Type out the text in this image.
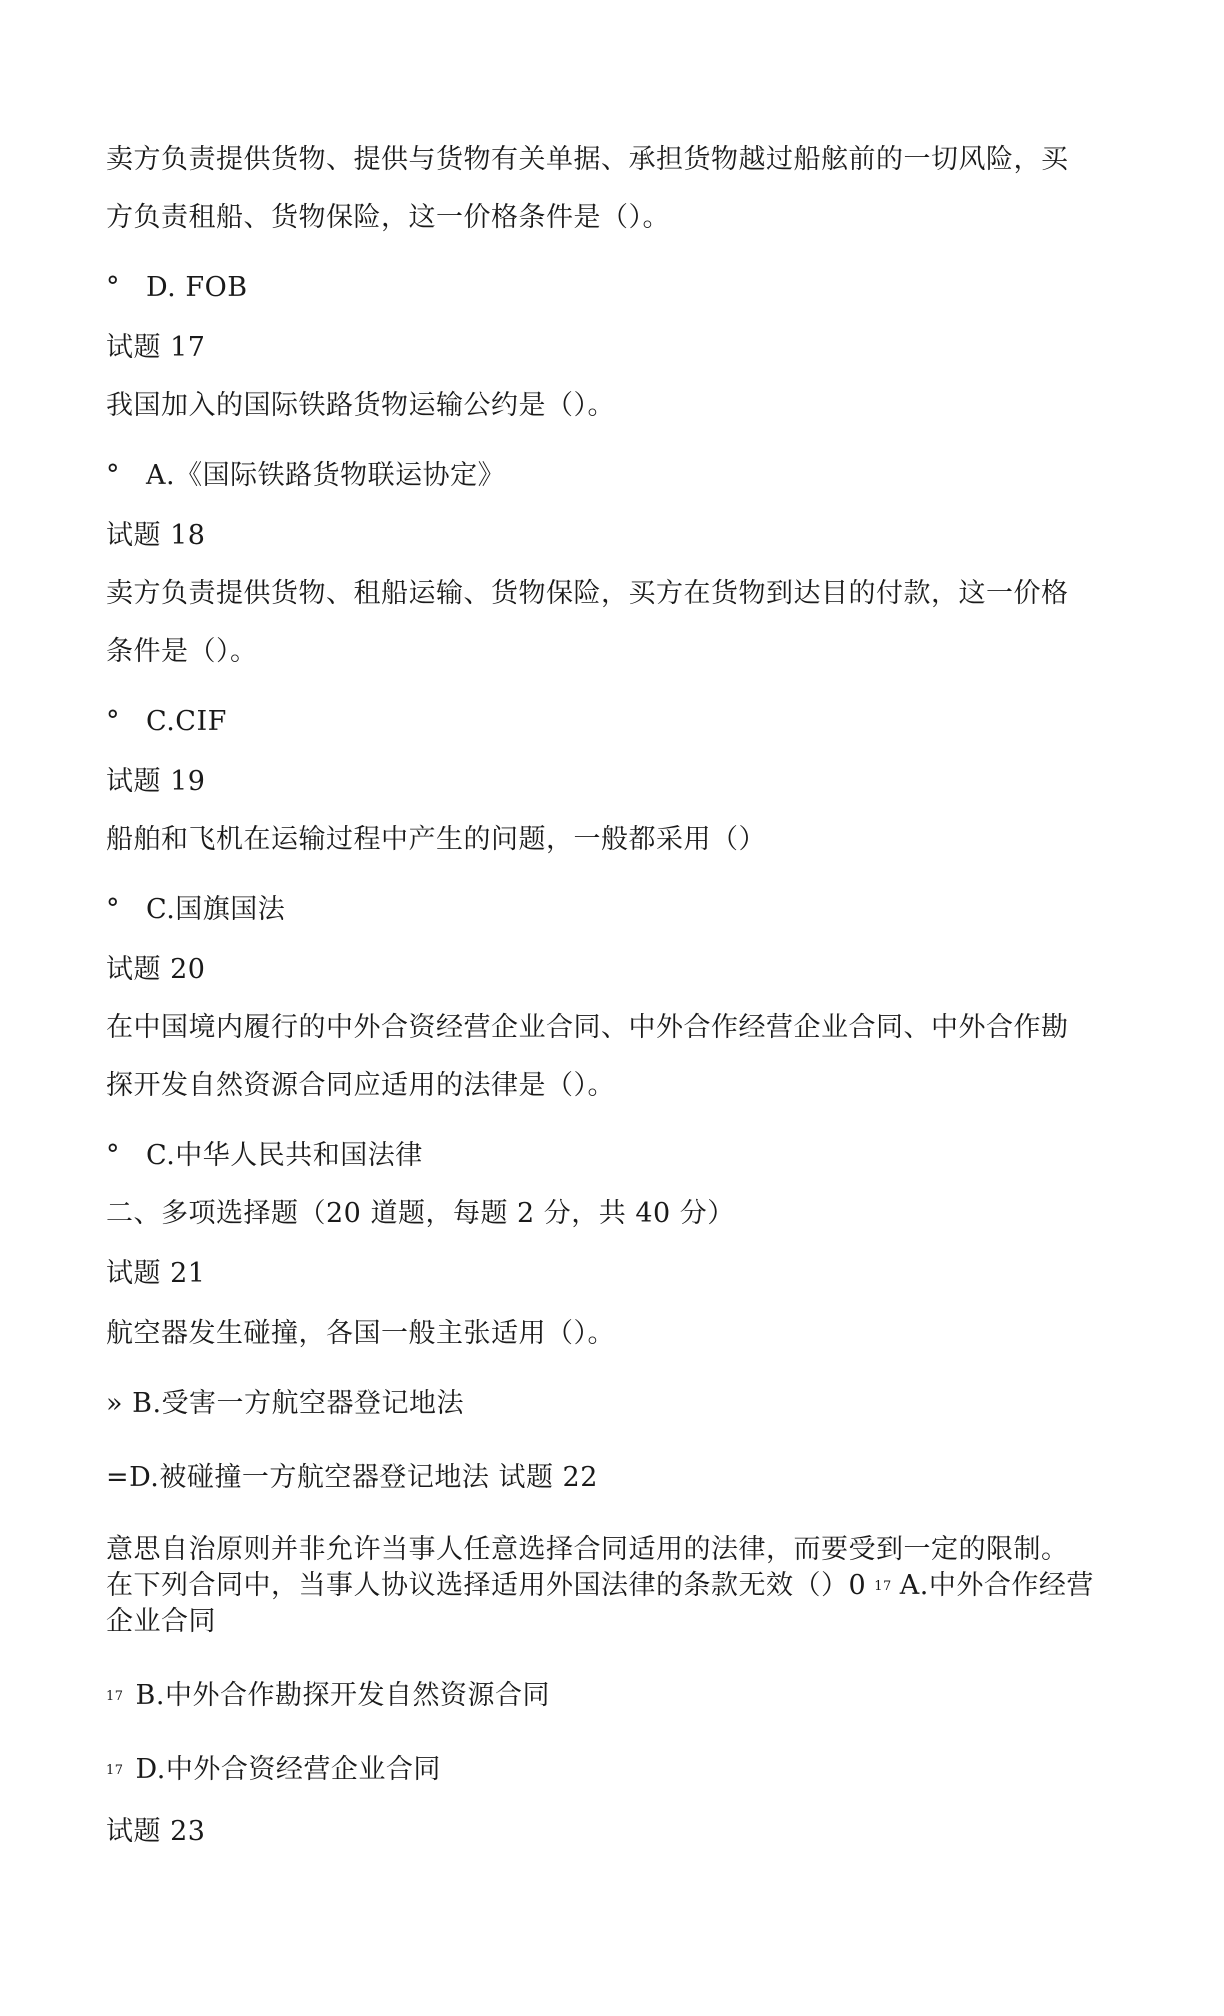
卖方负责提供货物、提供与货物有关单据、承担货物越过船舷前的一切风险，买

方负责租船、货物保险，这一价格条件是（）。

° D. FOB

试题 17

我国加入的国际铁路货物运输公约是（）。

° A.《国际铁路货物联运协定》

试题 18

卖方负责提供货物、租船运输、货物保险，买方在货物到达目的付款，这一价格

条件是（）。

° C.CIF

试题 19

船舶和飞机在运输过程中产生的问题，一般都采用（）

° C.国旗国法

试题 20

在中国境内履行的中外合资经营企业合同、中外合作经营企业合同、中外合作勘

探开发自然资源合同应适用的法律是（）。

° C.中华人民共和国法律

二、多项选择题（20 道题，每题 2 分，共 40 分）

试题 21

航空器发生碰撞，各国一般主张适用（）。

» B.受害一方航空器登记地法

=D.被碰撞一方航空器登记地法 试题 22

意思自治原则并非允许当事人任意选择合同适用的法律，而要受到一定的限制。

在下列合同中，当事人协议选择适用外国法律的条款无效（）0 17 A.中外合作经营

企业合同

17 B.中外合作勘探开发自然资源合同

17 D.中外合资经营企业合同

试题 23
